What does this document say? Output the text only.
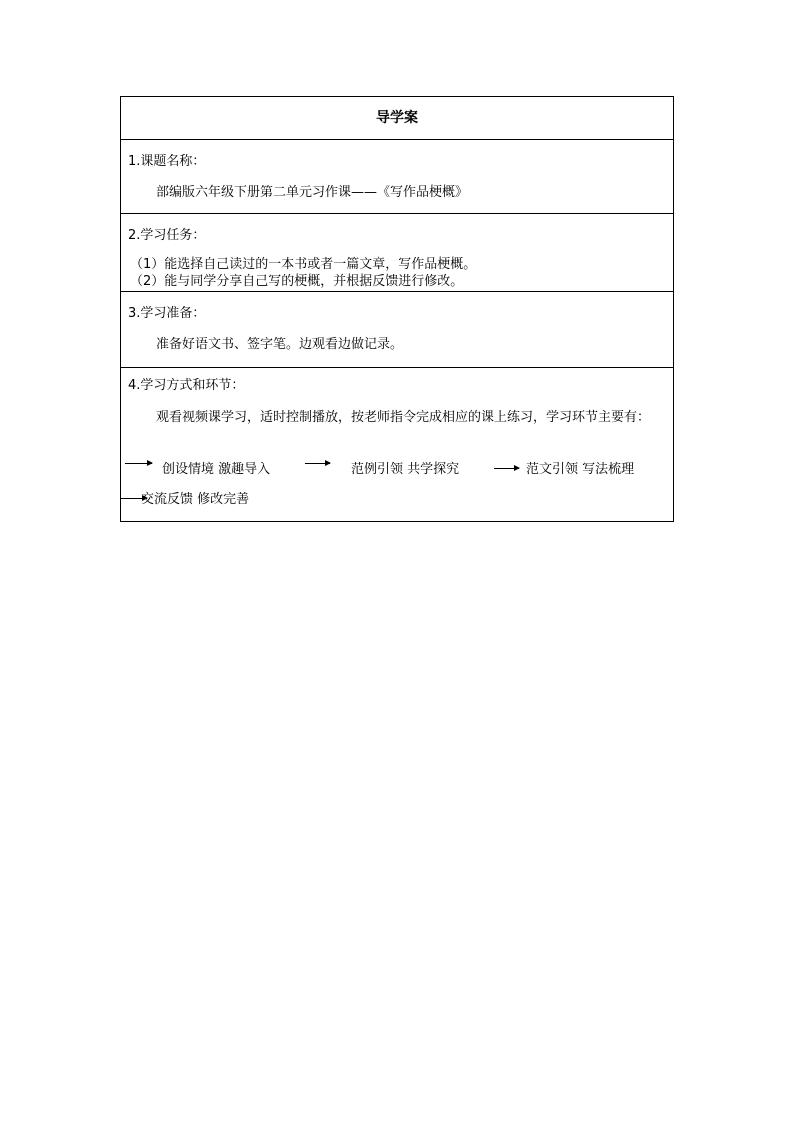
导学案
1.课题名称：
部编版六年级下册第二单元习作课——《写作品梗概》
2.学习任务：
（1）能选择自己读过的一本书或者一篇文章，写作品梗概。
（2）能与同学分享自己写的梗概，并根据反馈进行修改。
3.学习准备：
准备好语文书、签字笔。边观看边做记录。
4.学习方式和环节：
观看视频课学习，适时控制播放，按老师指令完成相应的课上练习，学习环节主要有：
创设情境 激趣导入	范例引领 共学探究	范文引领 写法梳理
交流反馈 修改完善
